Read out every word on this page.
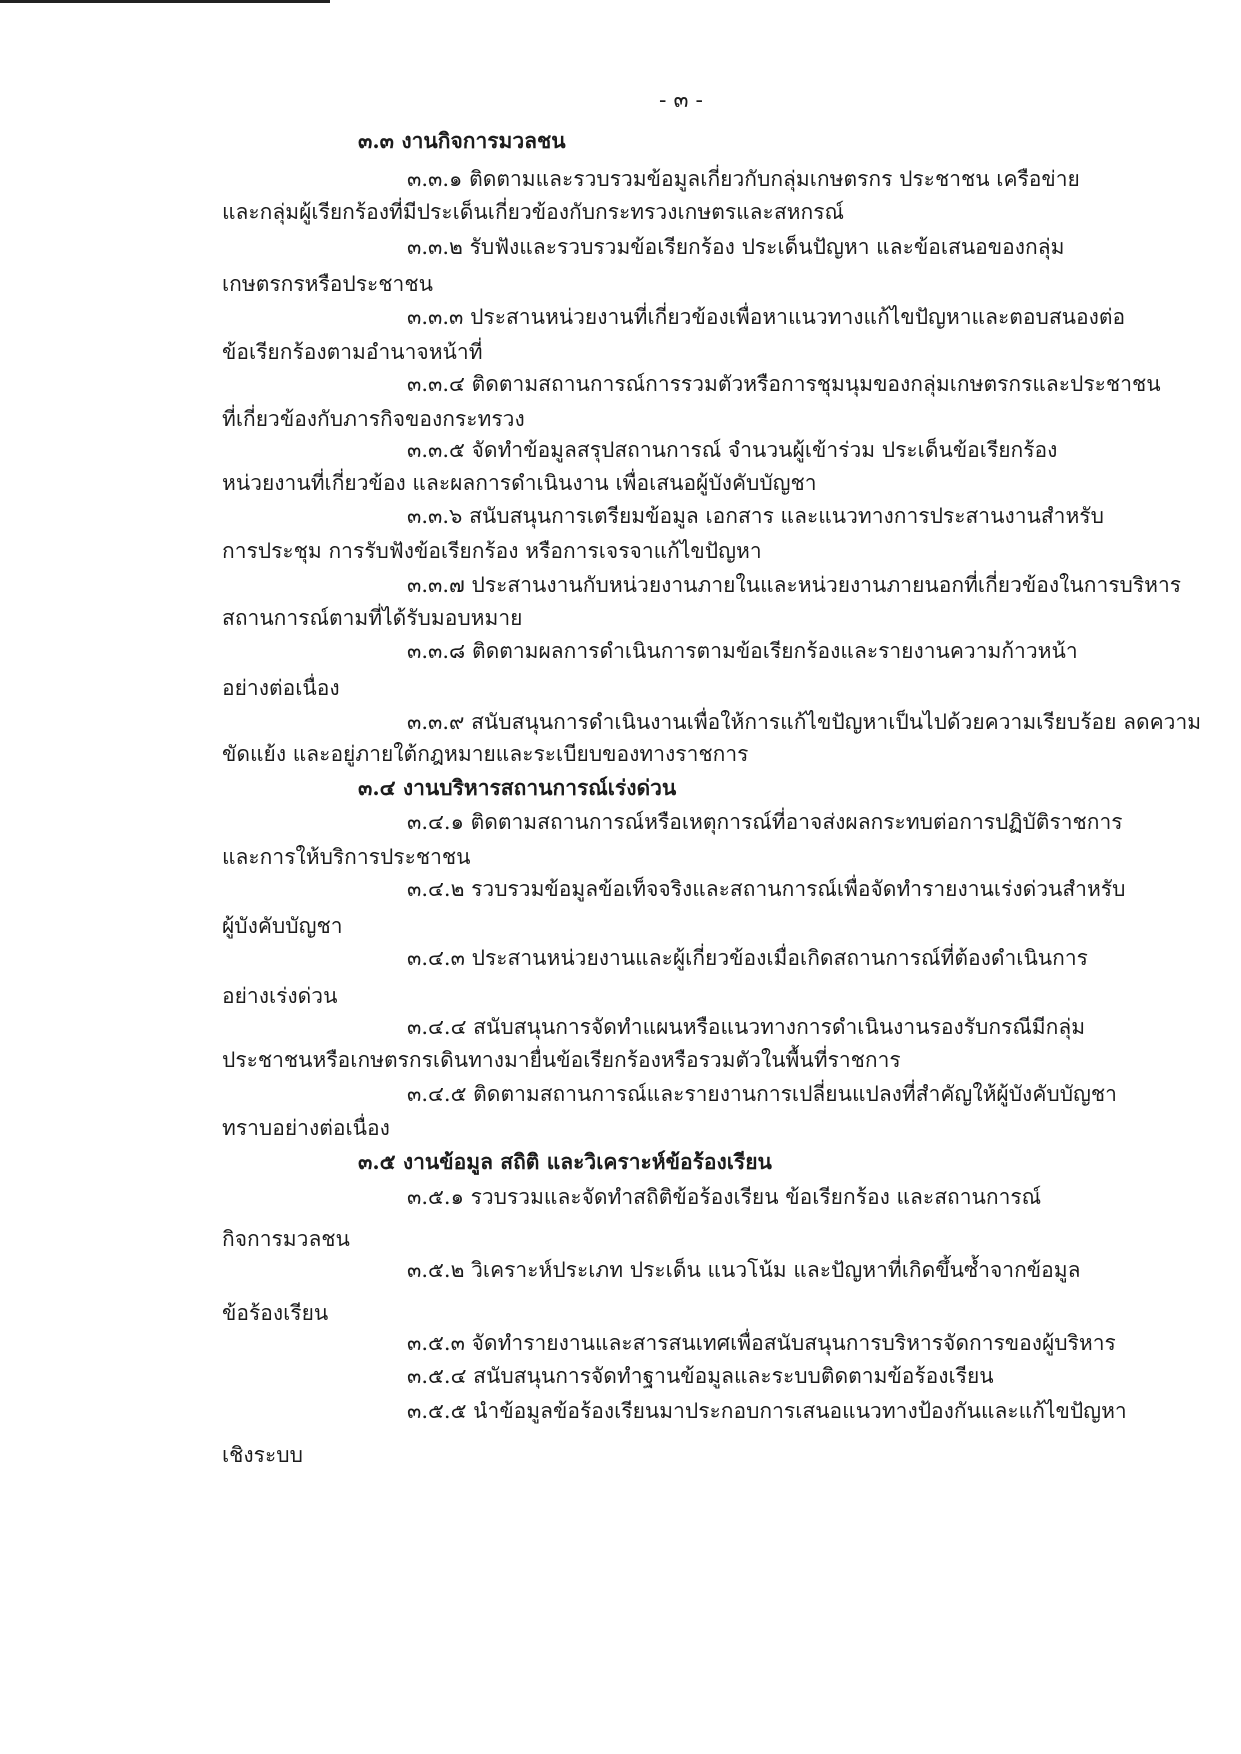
- ๓ -
๓.๓ งานกิจการมวลชน
๓.๓.๑ ติดตามและรวบรวมข้อมูลเกี่ยวกับกลุ่มเกษตรกร ประชาชน เครือข่าย
และกลุ่มผู้เรียกร้องที่มีประเด็นเกี่ยวข้องกับกระทรวงเกษตรและสหกรณ์
๓.๓.๒ รับฟังและรวบรวมข้อเรียกร้อง ประเด็นปัญหา และข้อเสนอของกลุ่ม
เกษตรกรหรือประชาชน
๓.๓.๓ ประสานหน่วยงานที่เกี่ยวข้องเพื่อหาแนวทางแก้ไขปัญหาและตอบสนองต่อ
ข้อเรียกร้องตามอำนาจหน้าที่
๓.๓.๔ ติดตามสถานการณ์การรวมตัวหรือการชุมนุมของกลุ่มเกษตรกรและประชาชน
ที่เกี่ยวข้องกับภารกิจของกระทรวง
๓.๓.๕ จัดทำข้อมูลสรุปสถานการณ์ จำนวนผู้เข้าร่วม ประเด็นข้อเรียกร้อง
หน่วยงานที่เกี่ยวข้อง และผลการดำเนินงาน เพื่อเสนอผู้บังคับบัญชา
๓.๓.๖ สนับสนุนการเตรียมข้อมูล เอกสาร และแนวทางการประสานงานสำหรับ
การประชุม การรับฟังข้อเรียกร้อง หรือการเจรจาแก้ไขปัญหา
๓.๓.๗ ประสานงานกับหน่วยงานภายในและหน่วยงานภายนอกที่เกี่ยวข้องในการบริหาร
สถานการณ์ตามที่ได้รับมอบหมาย
๓.๓.๘ ติดตามผลการดำเนินการตามข้อเรียกร้องและรายงานความก้าวหน้า
อย่างต่อเนื่อง
๓.๓.๙ สนับสนุนการดำเนินงานเพื่อให้การแก้ไขปัญหาเป็นไปด้วยความเรียบร้อย ลดความ
ขัดแย้ง และอยู่ภายใต้กฎหมายและระเบียบของทางราชการ
๓.๔ งานบริหารสถานการณ์เร่งด่วน
๓.๔.๑ ติดตามสถานการณ์หรือเหตุการณ์ที่อาจส่งผลกระทบต่อการปฏิบัติราชการ
และการให้บริการประชาชน
๓.๔.๒ รวบรวมข้อมูลข้อเท็จจริงและสถานการณ์เพื่อจัดทำรายงานเร่งด่วนสำหรับ
ผู้บังคับบัญชา
๓.๔.๓ ประสานหน่วยงานและผู้เกี่ยวข้องเมื่อเกิดสถานการณ์ที่ต้องดำเนินการ
อย่างเร่งด่วน
๓.๔.๔ สนับสนุนการจัดทำแผนหรือแนวทางการดำเนินงานรองรับกรณีมีกลุ่ม
ประชาชนหรือเกษตรกรเดินทางมายื่นข้อเรียกร้องหรือรวมตัวในพื้นที่ราชการ
๓.๔.๕ ติดตามสถานการณ์และรายงานการเปลี่ยนแปลงที่สำคัญให้ผู้บังคับบัญชา
ทราบอย่างต่อเนื่อง
๓.๕ งานข้อมูล สถิติ และวิเคราะห์ข้อร้องเรียน
๓.๕.๑ รวบรวมและจัดทำสถิติข้อร้องเรียน ข้อเรียกร้อง และสถานการณ์
กิจการมวลชน
๓.๕.๒ วิเคราะห์ประเภท ประเด็น แนวโน้ม และปัญหาที่เกิดขึ้นซ้ำจากข้อมูล
ข้อร้องเรียน
๓.๕.๓ จัดทำรายงานและสารสนเทศเพื่อสนับสนุนการบริหารจัดการของผู้บริหาร
๓.๕.๔ สนับสนุนการจัดทำฐานข้อมูลและระบบติดตามข้อร้องเรียน
๓.๕.๕ นำข้อมูลข้อร้องเรียนมาประกอบการเสนอแนวทางป้องกันและแก้ไขปัญหา
เชิงระบบ
